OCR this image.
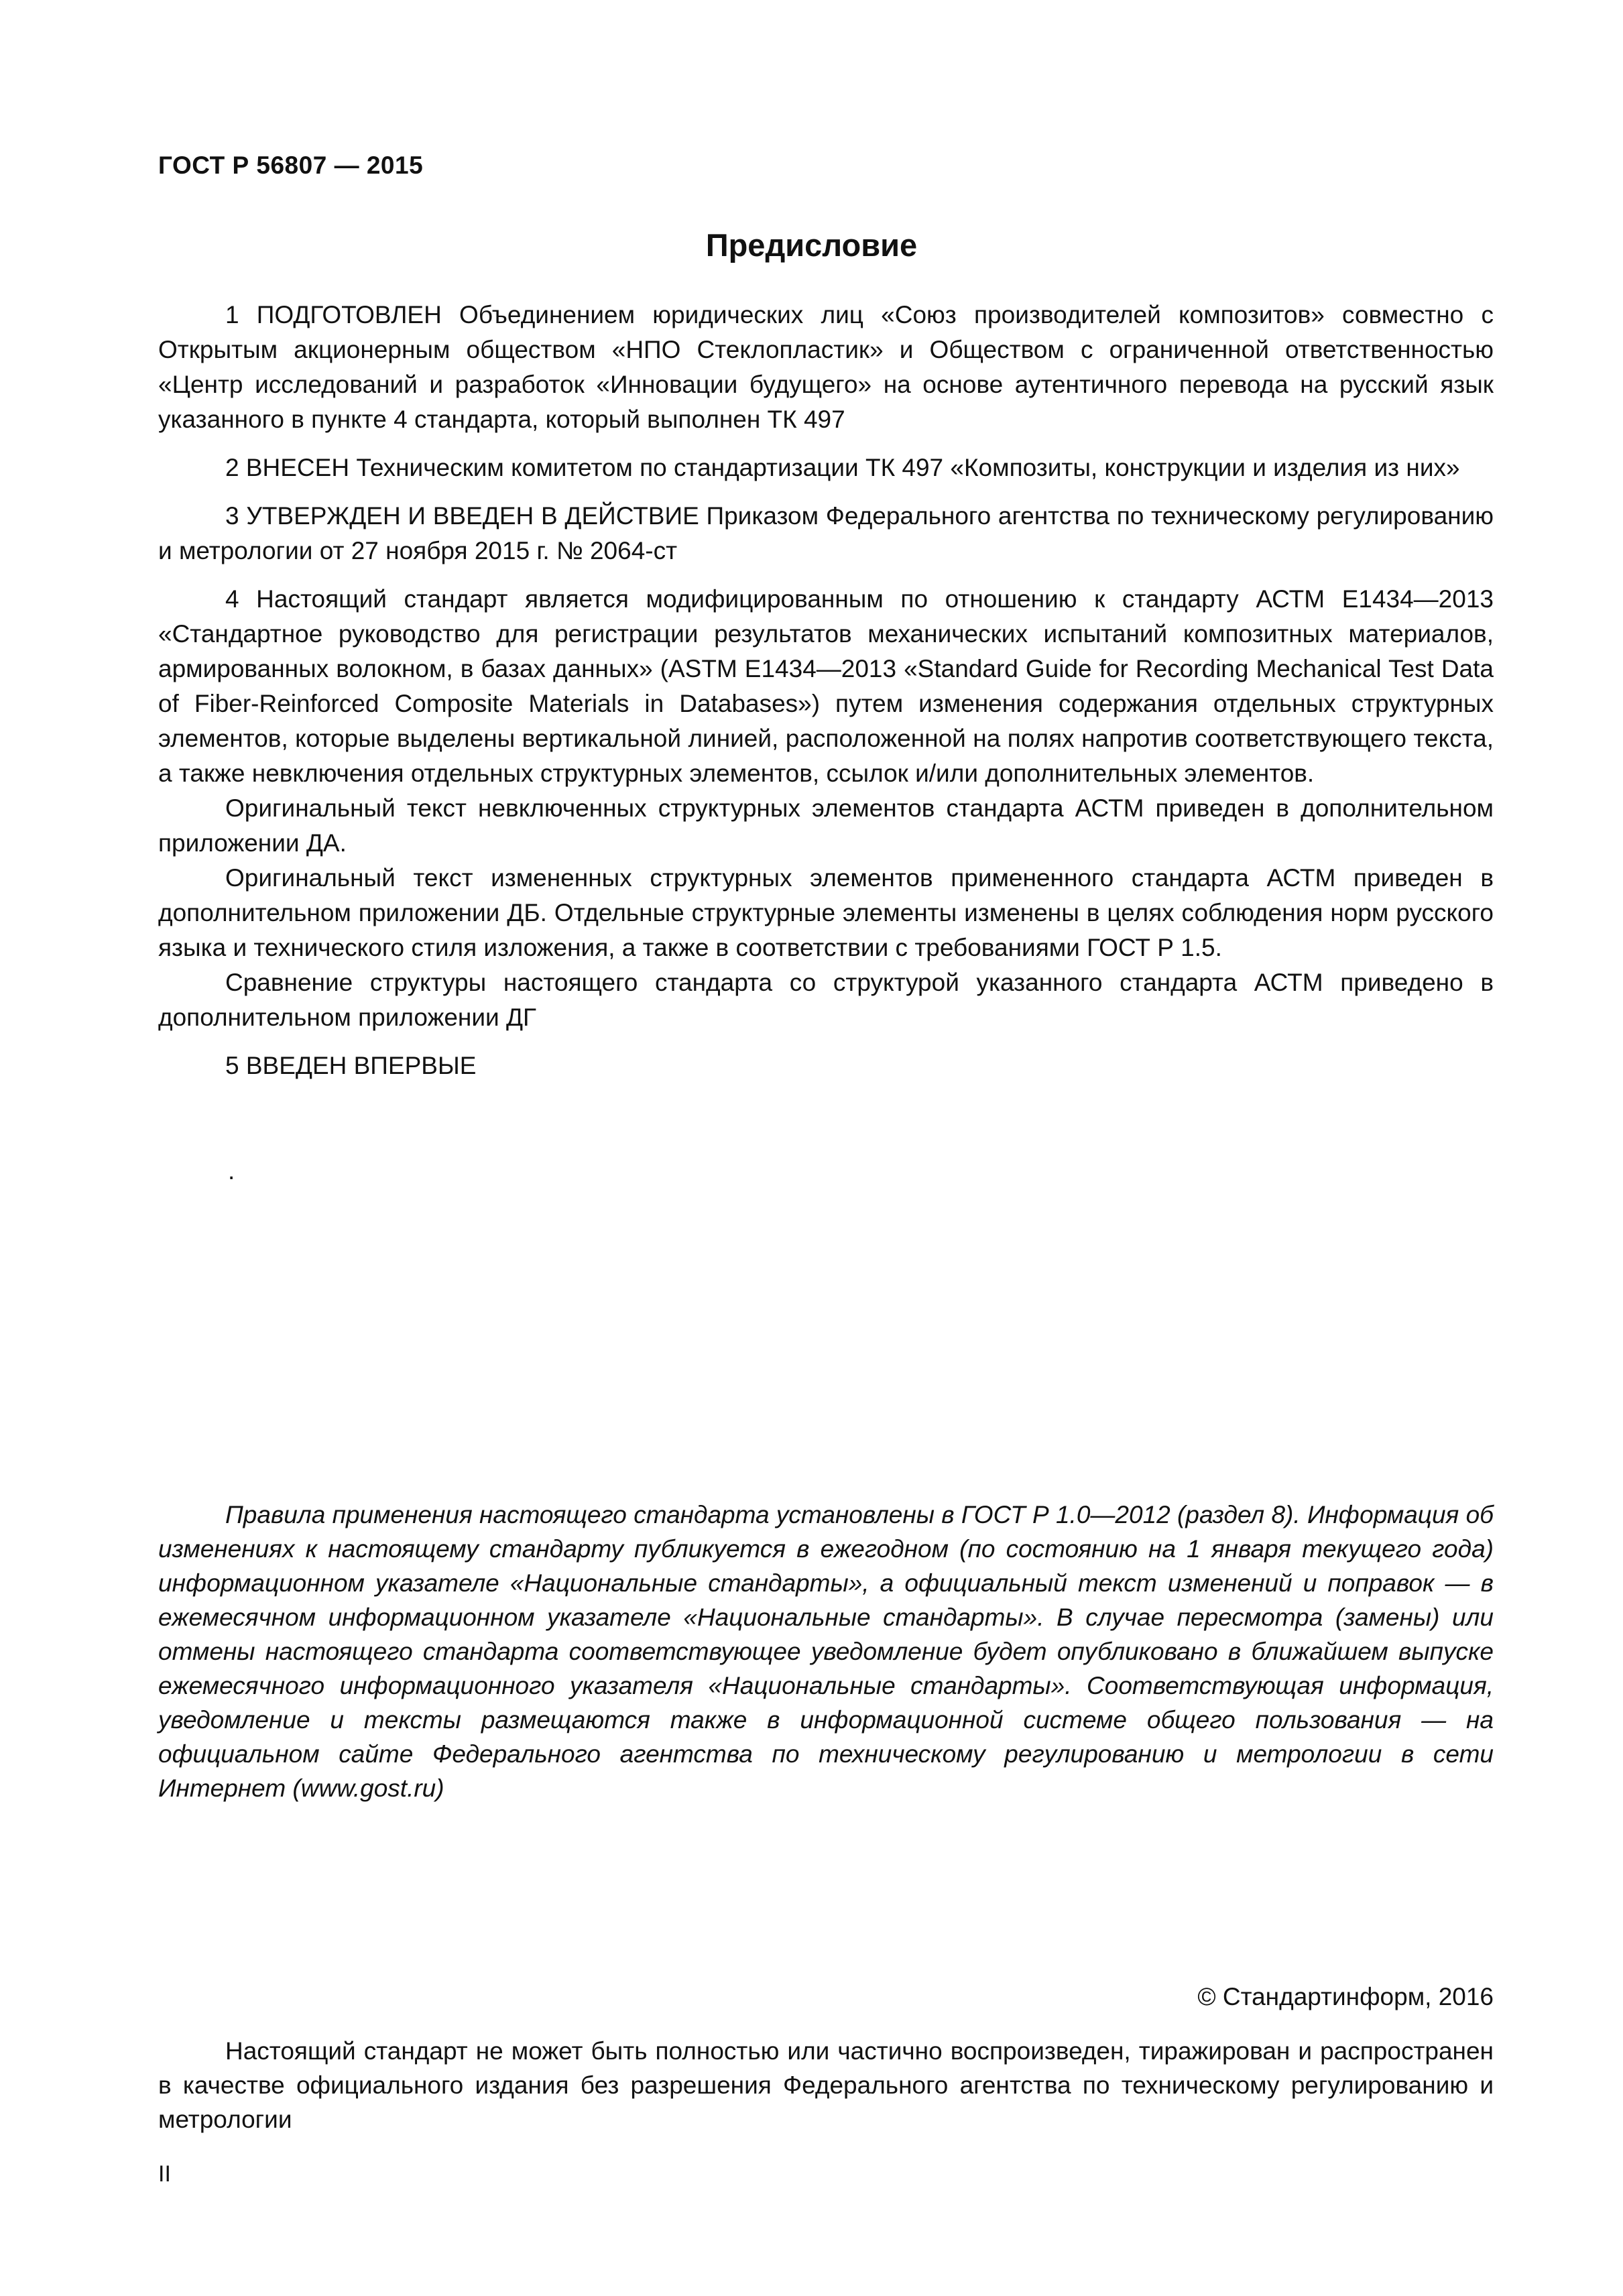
ГОСТ Р 56807 — 2015
Предисловие

1 ПОДГОТОВЛЕН Объединением юридических лиц «Союз производителей композитов» совместно с Открытым акционерным обществом «НПО Стеклопластик» и Обществом с ограниченной ответственностью «Центр исследований и разработок «Инновации будущего» на основе аутентичного перевода на русский язык указанного в пункте 4 стандарта, который выполнен ТК 497

2 ВНЕСЕН Техническим комитетом по стандартизации ТК 497 «Композиты, конструкции и изделия из них»

3 УТВЕРЖДЕН И ВВЕДЕН В ДЕЙСТВИЕ Приказом Федерального агентства по техническому регулированию и метрологии от 27 ноября 2015 г. № 2064-ст

4 Настоящий стандарт является модифицированным по отношению к стандарту АСТМ Е1434—2013 «Стандартное руководство для регистрации результатов механических испытаний композитных материалов, армированных волокном, в базах данных» (ASTM E1434—2013 «Standard Guide for Recording Mechanical Test Data of Fiber-Reinforced Composite Materials in Databases») путем изменения содержания отдельных структурных элементов, которые выделены вертикальной линией, расположенной на полях напротив соответствующего текста, а также невключения отдельных структурных элементов, ссылок и/или дополнительных элементов.

Оригинальный текст невключенных структурных элементов стандарта АСТМ приведен в дополнительном приложении ДА.

Оригинальный текст измененных структурных элементов примененного стандарта АСТМ приведен в дополнительном приложении ДБ. Отдельные структурные элементы изменены в целях соблюдения норм русского языка и технического стиля изложения, а также в соответствии с требованиями ГОСТ Р 1.5.

Сравнение структуры настоящего стандарта со структурой указанного стандарта АСТМ приведено в дополнительном приложении ДГ

5 ВВЕДЕН ВПЕРВЫЕ

.

Правила применения настоящего стандарта установлены в ГОСТ Р 1.0—2012 (раздел 8). Информация об изменениях к настоящему стандарту публикуется в ежегодном (по состоянию на 1 января текущего года) информационном указателе «Национальные стандарты», а официальный текст изменений и поправок — в ежемесячном информационном указателе «Национальные стандарты». В случае пересмотра (замены) или отмены настоящего стандарта соответствующее уведомление будет опубликовано в ближайшем выпуске ежемесячного информационного указателя «Национальные стандарты». Соответствующая информация, уведомление и тексты размещаются также в информационной системе общего пользования — на официальном сайте Федерального агентства по техническому регулированию и метрологии в сети Интернет (www.gost.ru)

© Стандартинформ, 2016

Настоящий стандарт не может быть полностью или частично воспроизведен, тиражирован и распространен в качестве официального издания без разрешения Федерального агентства по техническому регулированию и метрологии

II
